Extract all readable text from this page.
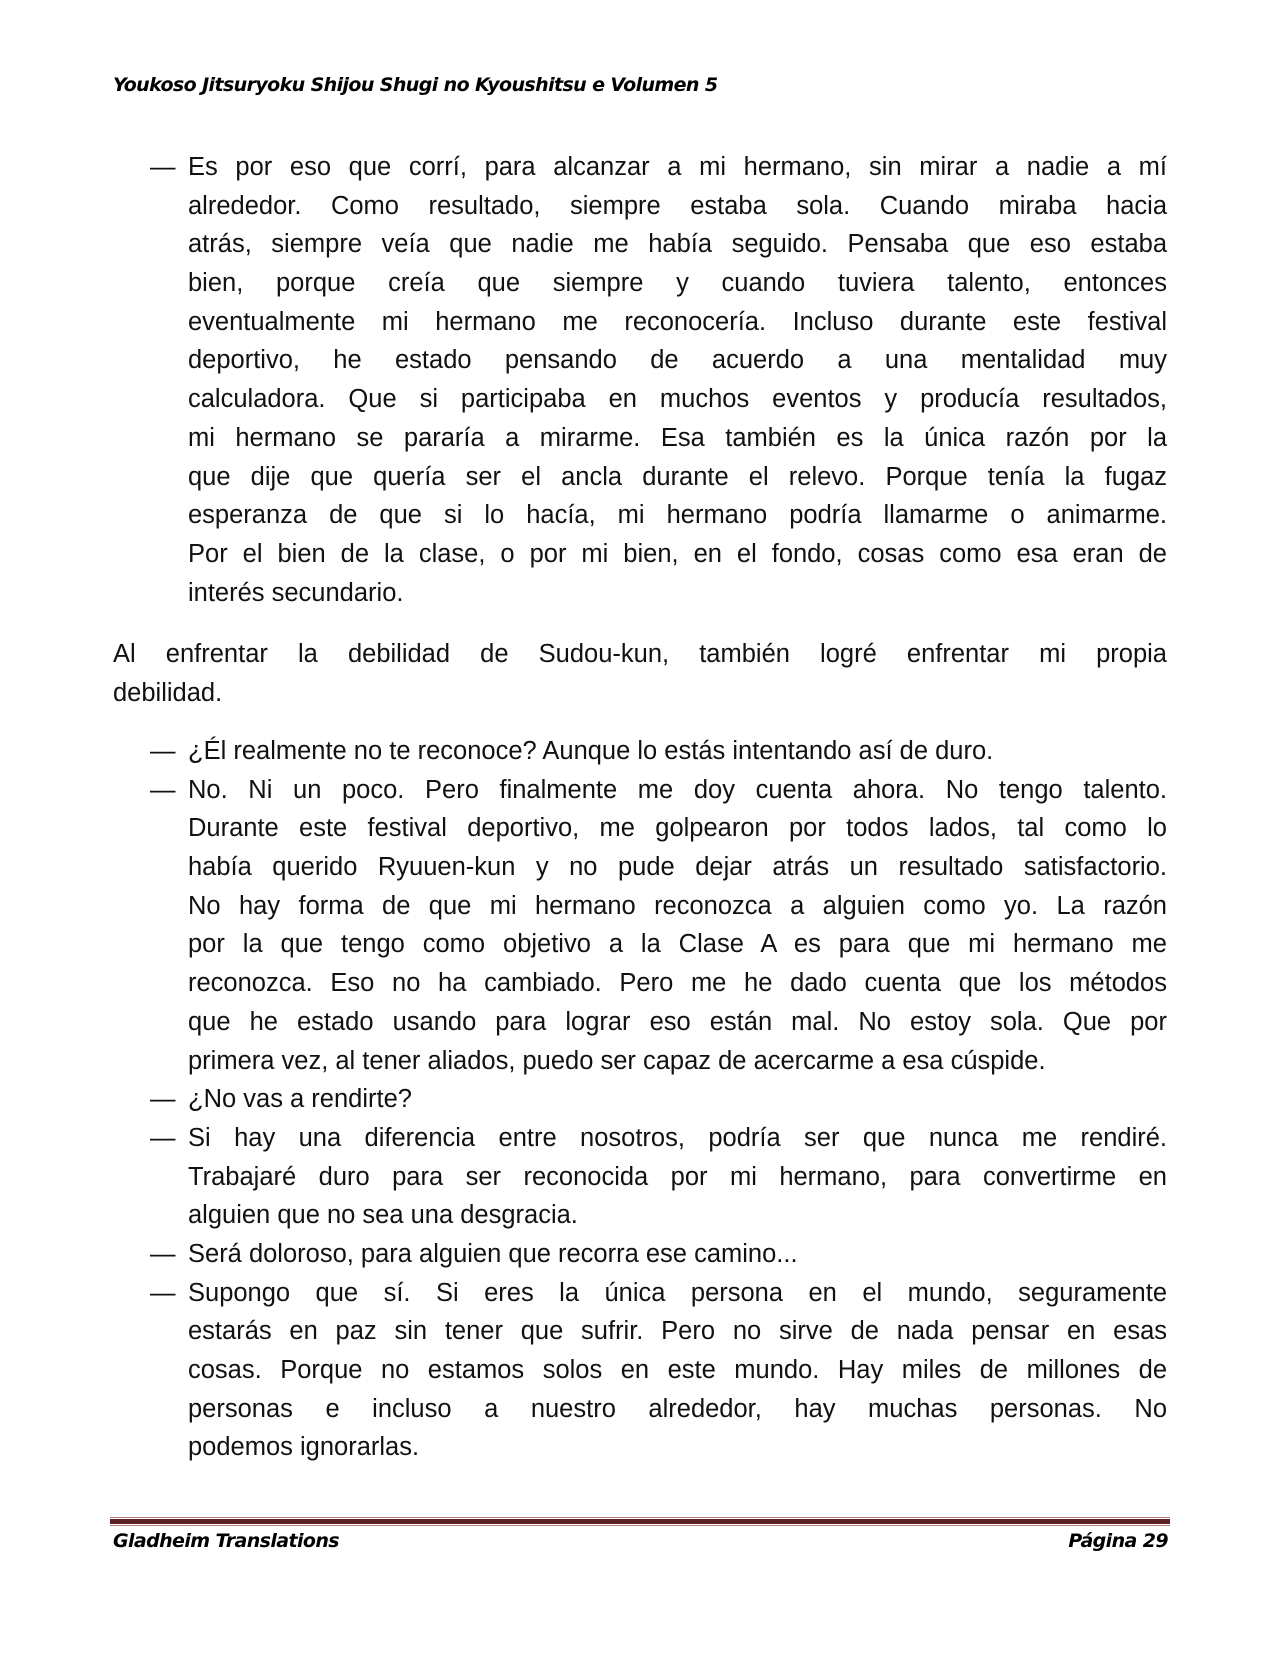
Youkoso Jitsuryoku Shijou Shugi no Kyoushitsu e Volumen 5
— Es por eso que corrí, para alcanzar a mi hermano, sin mirar a nadie a mí
alrededor. Como resultado, siempre estaba sola. Cuando miraba hacia
atrás, siempre veía que nadie me había seguido. Pensaba que eso estaba
bien, porque creía que siempre y cuando tuviera talento, entonces
eventualmente mi hermano me reconocería. Incluso durante este festival
deportivo, he estado pensando de acuerdo a una mentalidad muy
calculadora. Que si participaba en muchos eventos y producía resultados,
mi hermano se pararía a mirarme. Esa también es la única razón por la
que dije que quería ser el ancla durante el relevo. Porque tenía la fugaz
esperanza de que si lo hacía, mi hermano podría llamarme o animarme.
Por el bien de la clase, o por mi bien, en el fondo, cosas como esa eran de
interés secundario.
Al enfrentar la debilidad de Sudou-kun, también logré enfrentar mi propia
debilidad.
— ¿Él realmente no te reconoce? Aunque lo estás intentando así de duro.
— No. Ni un poco. Pero finalmente me doy cuenta ahora. No tengo talento.
Durante este festival deportivo, me golpearon por todos lados, tal como lo
había querido Ryuuen-kun y no pude dejar atrás un resultado satisfactorio.
No hay forma de que mi hermano reconozca a alguien como yo. La razón
por la que tengo como objetivo a la Clase A es para que mi hermano me
reconozca. Eso no ha cambiado. Pero me he dado cuenta que los métodos
que he estado usando para lograr eso están mal. No estoy sola. Que por
primera vez, al tener aliados, puedo ser capaz de acercarme a esa cúspide.
— ¿No vas a rendirte?
— Si hay una diferencia entre nosotros, podría ser que nunca me rendiré.
Trabajaré duro para ser reconocida por mi hermano, para convertirme en
alguien que no sea una desgracia.
— Será doloroso, para alguien que recorra ese camino...
— Supongo que sí. Si eres la única persona en el mundo, seguramente
estarás en paz sin tener que sufrir. Pero no sirve de nada pensar en esas
cosas. Porque no estamos solos en este mundo. Hay miles de millones de
personas e incluso a nuestro alrededor, hay muchas personas. No
podemos ignorarlas.
Gladheim Translations	Página 29
